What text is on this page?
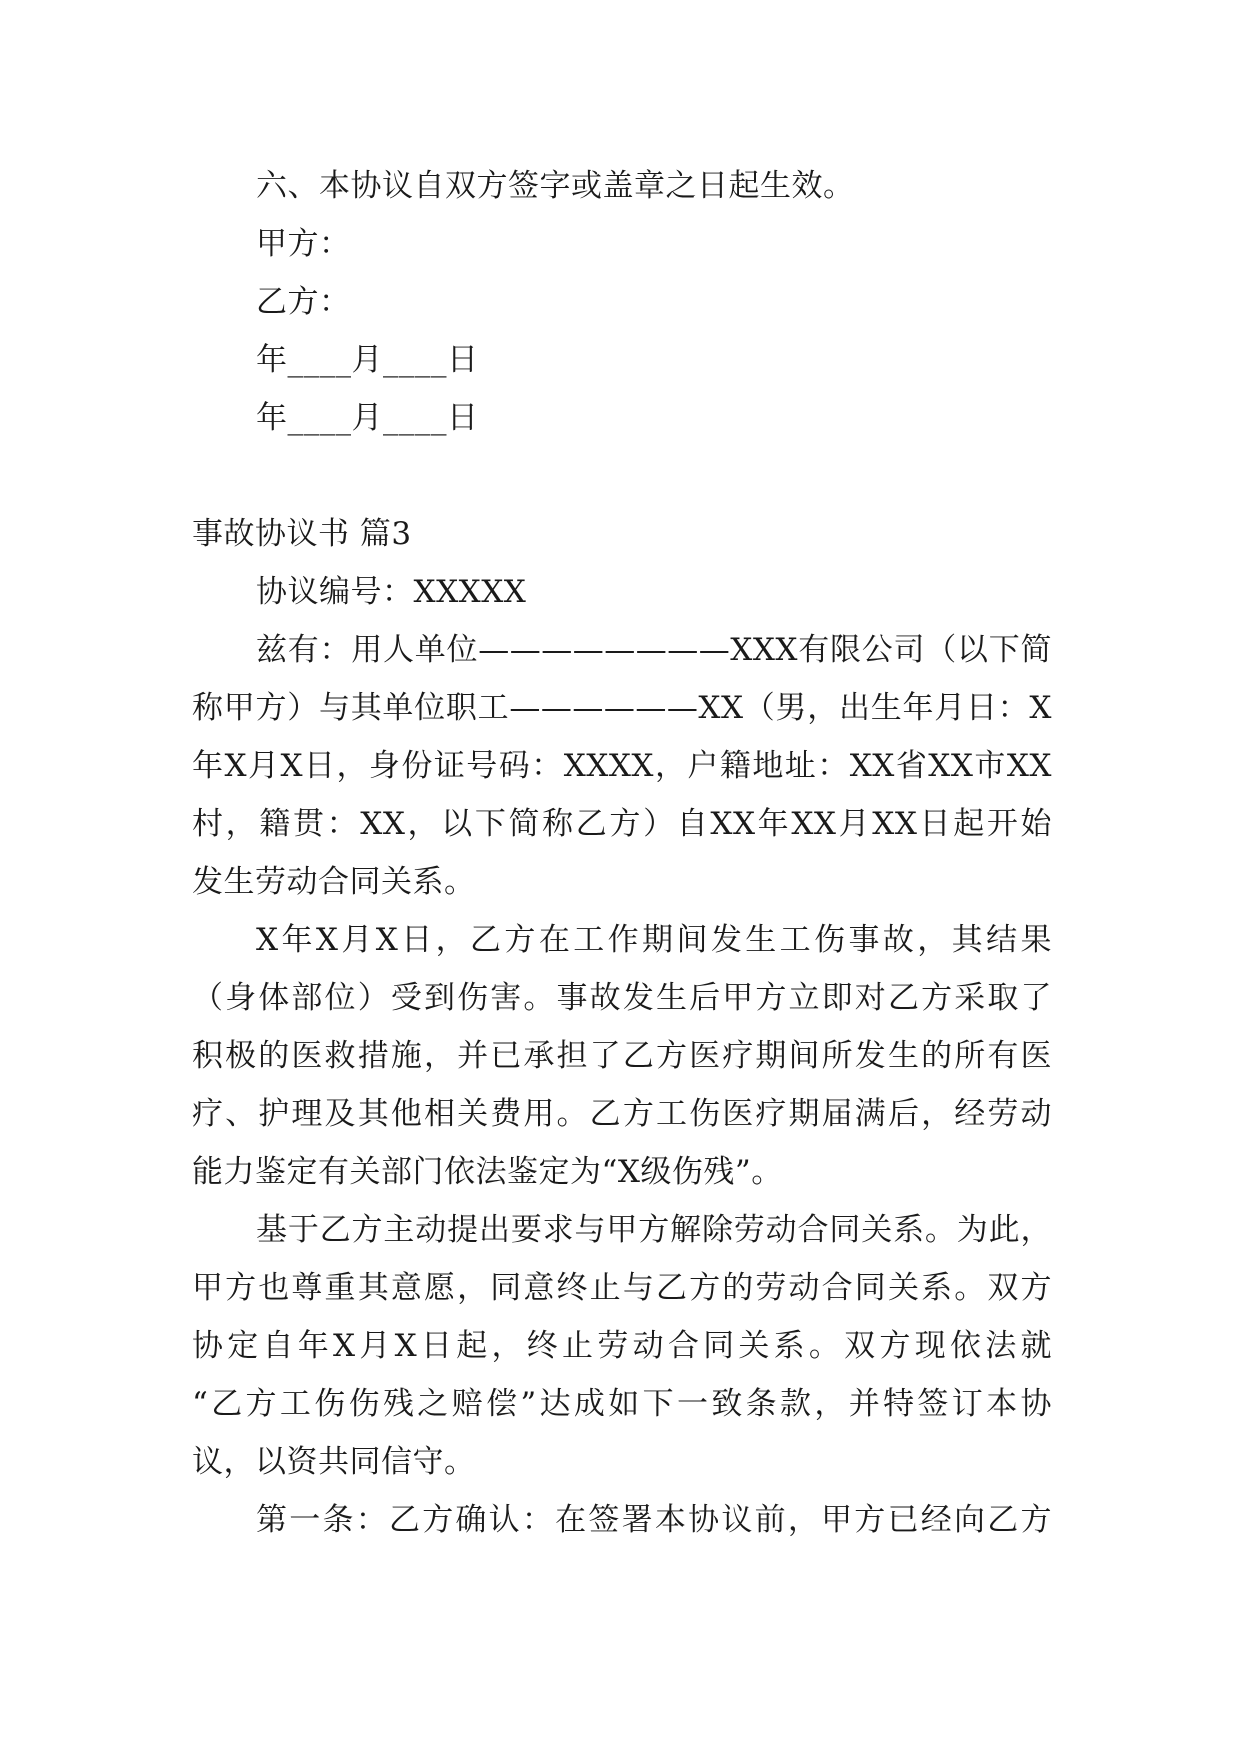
六、本协议自双方签字或盖章之日起生效。
甲方：
乙方：
年____月____日
年____月____日
事故协议书 篇3
协议编号：XXXXX
兹有：用人单位————————XXX有限公司（以下简
称甲方）与其单位职工——————XX（男，出生年月日：X
年X月X日，身份证号码：XXXX，户籍地址：XX省XX市XX
村，籍贯：XX，以下简称乙方）自XX年XX月XX日起开始
发生劳动合同关系。
X年X月X日，乙方在工作期间发生工伤事故，其结果
（身体部位）受到伤害。事故发生后甲方立即对乙方采取了
积极的医救措施，并已承担了乙方医疗期间所发生的所有医
疗、护理及其他相关费用。乙方工伤医疗期届满后，经劳动
能力鉴定有关部门依法鉴定为“X级伤残”。
基于乙方主动提出要求与甲方解除劳动合同关系。为此，
甲方也尊重其意愿，同意终止与乙方的劳动合同关系。双方
协定自年X月X日起，终止劳动合同关系。双方现依法就
“乙方工伤伤残之赔偿”达成如下一致条款，并特签订本协
议，以资共同信守。
第一条：乙方确认：在签署本协议前，甲方已经向乙方
